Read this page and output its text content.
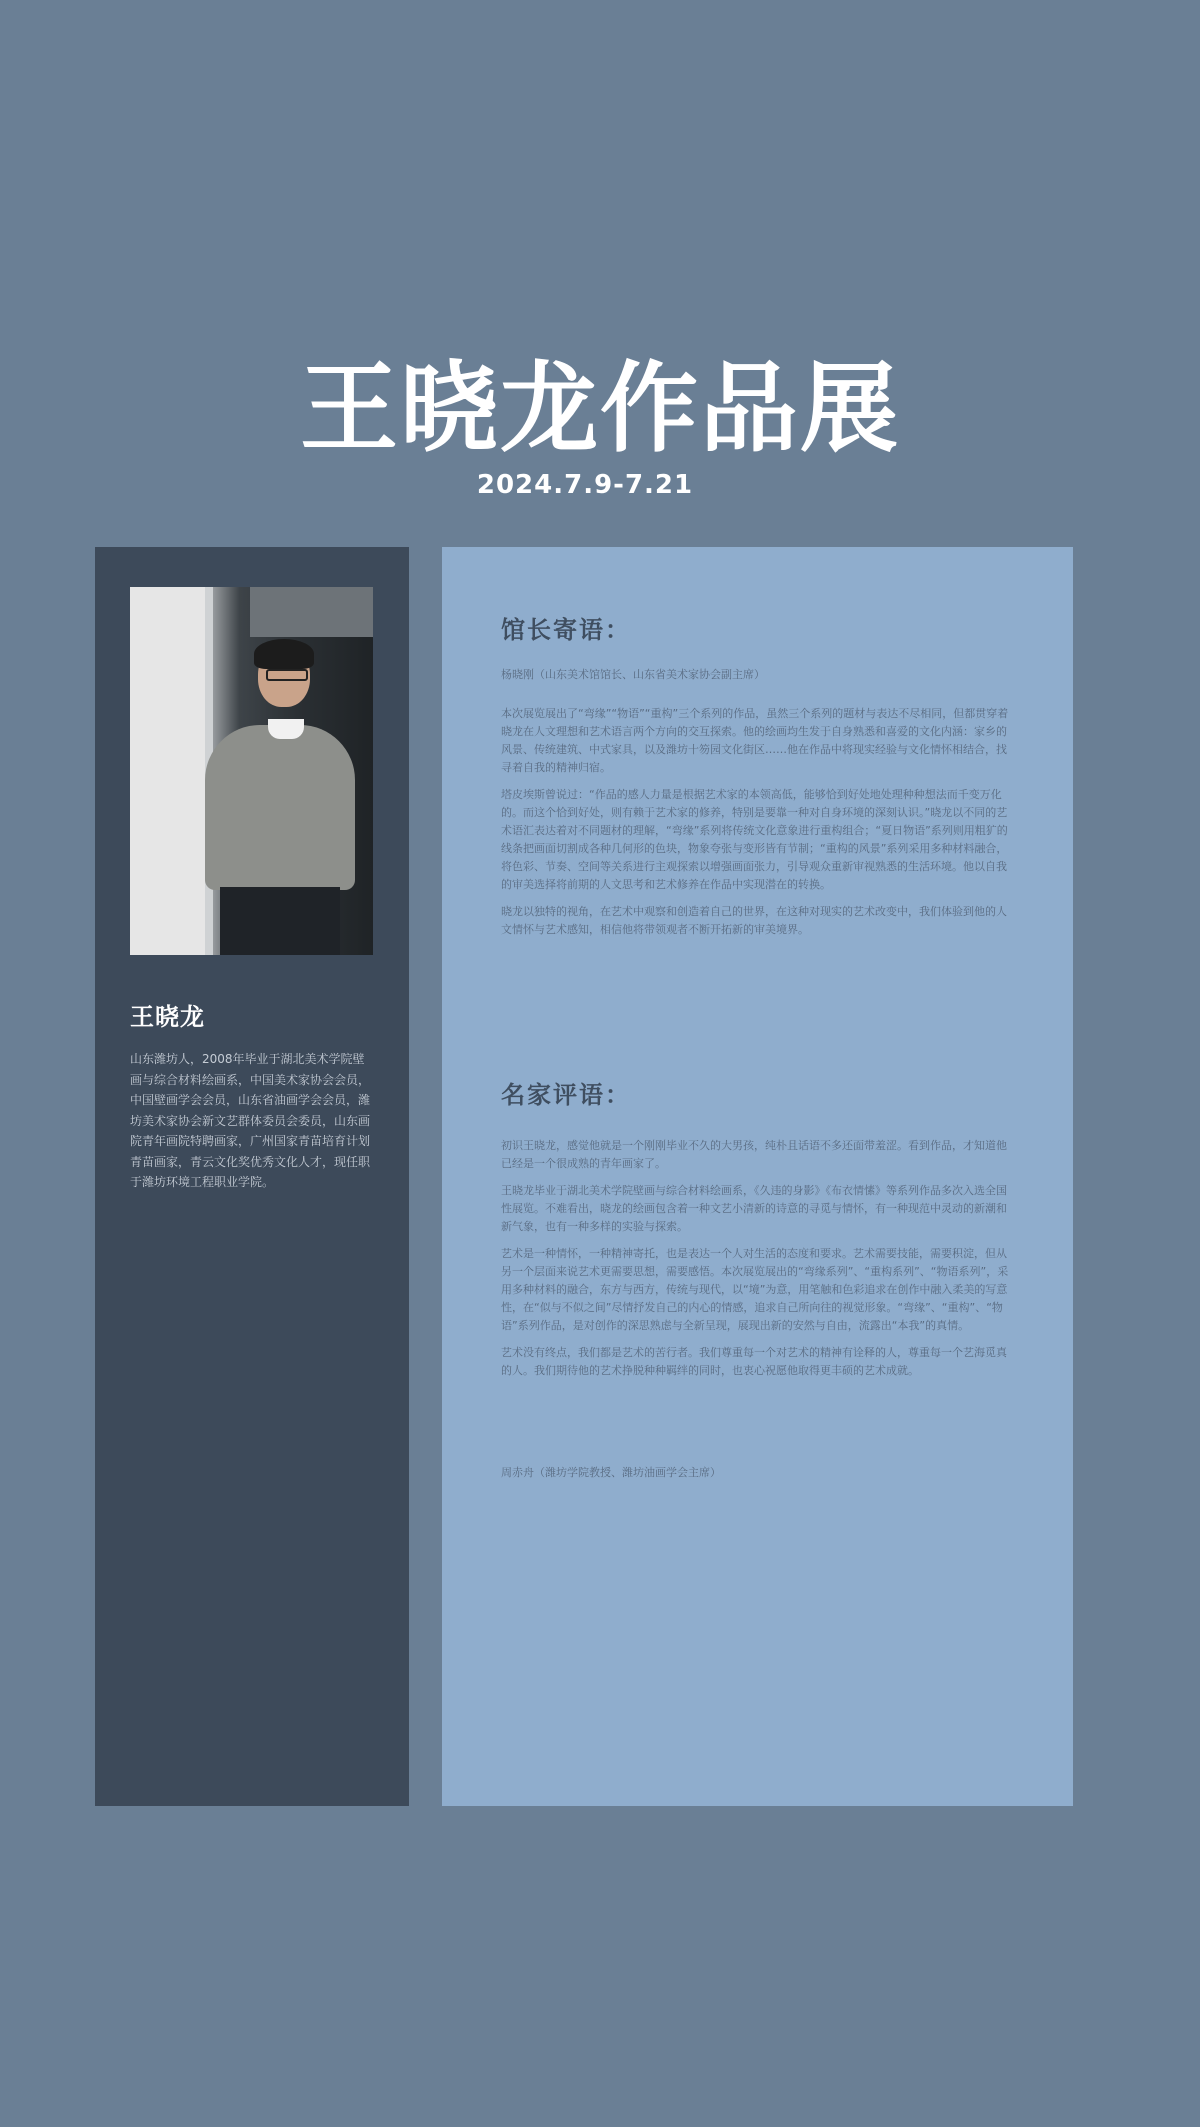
王晓龙作品展
2024.7.9-7.21
王晓龙

山东潍坊人，2008年毕业于湖北美术学院壁画与综合材料绘画系，中国美术家协会会员，中国壁画学会会员，山东省油画学会会员，潍坊美术家协会新文艺群体委员会委员，山东画院青年画院特聘画家，广州国家青苗培育计划青苗画家，青云文化奖优秀文化人才，现任职于潍坊环境工程职业学院。

馆长寄语：

杨晓刚（山东美术馆馆长、山东省美术家协会副主席）

本次展览展出了“弯缘”“物语”“重构”三个系列的作品，虽然三个系列的题材与表达不尽相同，但都贯穿着晓龙在人文理想和艺术语言两个方向的交互探索。他的绘画均生发于自身熟悉和喜爱的文化内涵：家乡的风景、传统建筑、中式家具，以及潍坊十笏园文化街区……他在作品中将现实经验与文化情怀相结合，找寻着自我的精神归宿。

塔皮埃斯曾说过：“作品的感人力量是根据艺术家的本领高低，能够恰到好处地处理种种想法而千变万化的。而这个恰到好处，则有赖于艺术家的修养，特别是要靠一种对自身环境的深刻认识。”晓龙以不同的艺术语汇表达着对不同题材的理解，“弯缘”系列将传统文化意象进行重构组合；“夏日物语”系列则用粗犷的线条把画面切割成各种几何形的色块，物象夸张与变形皆有节制；“重构的风景”系列采用多种材料融合，将色彩、节奏、空间等关系进行主观探索以增强画面张力，引导观众重新审视熟悉的生活环境。他以自我的审美选择将前期的人文思考和艺术修养在作品中实现潜在的转换。

晓龙以独特的视角，在艺术中观察和创造着自己的世界，在这种对现实的艺术改变中，我们体验到他的人文情怀与艺术感知，相信他将带领观者不断开拓新的审美境界。

名家评语：

初识王晓龙，感觉他就是一个刚刚毕业不久的大男孩，纯朴且话语不多还面带羞涩。看到作品，才知道他已经是一个很成熟的青年画家了。

王晓龙毕业于湖北美术学院壁画与综合材料绘画系，《久违的身影》《布衣情愫》等系列作品多次入选全国性展览。不难看出，晓龙的绘画包含着一种文艺小清新的诗意的寻觅与情怀，有一种现范中灵动的新潮和新气象，也有一种多样的实验与探索。

艺术是一种情怀，一种精神寄托，也是表达一个人对生活的态度和要求。艺术需要技能，需要积淀，但从另一个层面来说艺术更需要思想，需要感悟。本次展览展出的“弯缘系列”、“重构系列”、“物语系列”，采用多种材料的融合，东方与西方，传统与现代，以“境”为意，用笔触和色彩追求在创作中融入柔美的写意性，在“似与不似之间”尽情抒发自己的内心的情感，追求自己所向往的视觉形象。“弯缘”、“重构”、“物语”系列作品，是对创作的深思熟虑与全新呈现，展现出新的安然与自由，流露出“本我”的真情。

艺术没有终点，我们都是艺术的苦行者。我们尊重每一个对艺术的精神有诠释的人，尊重每一个艺海觅真的人。我们期待他的艺术挣脱种种羁绊的同时，也衷心祝愿他取得更丰硕的艺术成就。

周赤舟（潍坊学院教授、潍坊油画学会主席）
